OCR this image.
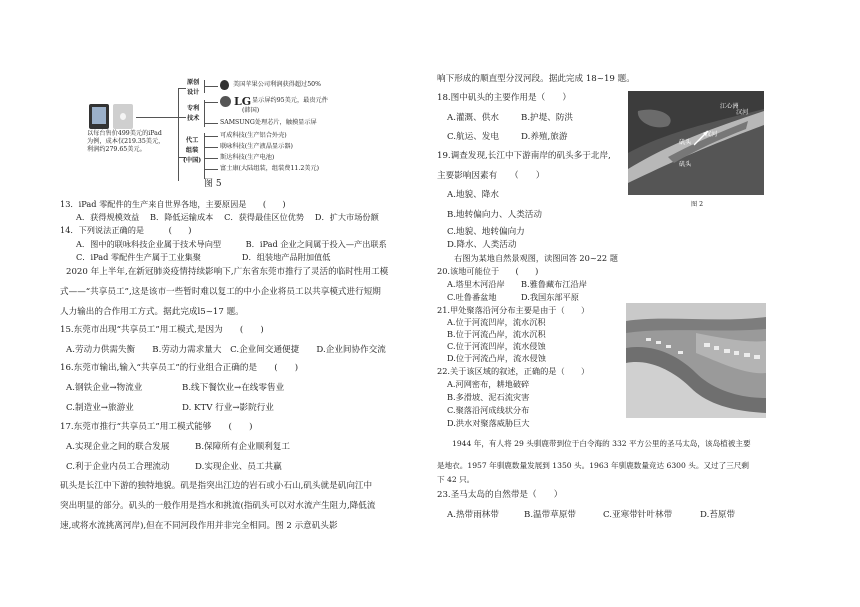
以每台售价499美元的iPad
为例，成本仅219.35美元，
利润约279.65美元。
原创
设计
专利
技术
代工
组装
(中国)
美国苹果公司利润获得超过50%
LG 显示屏约95美元，最贵元件
(韩国)
SAMSUNG处理芯片，触摸显示屏
可成科技(生产铝合外壳)
联咏科技(生产液晶显示器)
斯达科技(生产电池)
富士康(大陆组装，组装费11.2美元)
图 5
13．iPad 零配件的生产来自世界各地，主要原因是　　(　　)
A．获得规模效益　 B．降低运输成本　 C．获得最佳区位优势　 D．扩大市场份额
14．下列说法正确的是　　　(　　)
A．图中的联咏科技企业属于技术导向型　　　B．iPad 企业之间属于投入—产出联系
C．iPad 零配件生产属于工业集聚　　　　　D．组装地产品附加值低
2020 年上半年,在新冠肺炎疫情持续影响下,广东省东莞市推行了灵活的临时性用工模
式——“共享员工”,这是该市一些暂时难以复工的中小企业将员工以共享模式进行短期
人力输出的合作用工方式。据此完成l5~17 题。
15.东莞市出现“共享员工”用工模式,是因为　　(　　)
A.劳动力供需失衡　　B.劳动力需求量大　C.企业间交通便捷　　D.企业间协作交流
16.东莞市输出,输入“共享员工”的行业组合正确的是　　(　　)
A.钢铁企业→物流业	B.线下餐饮业→在线零售业
C.制造业→旅游业	D. KTV 行业→影院行业
17.东莞市推行“共享员工”用工模式能够　　(　　)
A.实现企业之间的联合发展	B.保障所有企业顺利复工
C.利于企业内员工合理流动	D.实现企业、员工共赢
矶头是长江中下游的独特地貌。矶是指突出江边的岩石或小石山,矶头就是矶向江中
突出明显的部分。矶头的一般作用是挡水和挑流(指矶头可以对水流产生阻力,降低流
速,或将水流挑离河岸),但在不同河段作用并非完全相同。图 2 示意矶头影
响下形成的顺直型分汊河段。据此完成 18~19 题。
18.图中矶头的主要作用是（　　）
A.灌溉、供水	B.护堤、防洪
C.航运、发电	D.养殖,旅游
19.调查发现,长江中下游南岸的矶头多于北岸,
主要影响因素有　　（　　）
A.地貌、降水
B.地转偏向力、人类活动
C.地貌、地转偏向力
D.降水、人类活动
右图为某地自然景观图，读图回答 20~22 题
20.该地可能位于　　(　　)
A.塔里木河沿岸 B.雅鲁藏布江沿岸
C.吐鲁番盆地	D.我国东部平原
21.甲处聚落沿河分布主要是由于（　　）
A.位于河流凹岸，流水沉积
B.位于河流凸岸，流水沉积
C.位于河流凹岸，流水侵蚀
D.位于河流凸岸，流水侵蚀
22.关于该区域的叙述，正确的是（　　）
A.河网密布，耕地破碎
B.多滑坡、泥石流灾害
C.聚落沿河成线状分布
D.洪水对聚落威胁巨大
1944 年，有人将 29 头驯鹿带到位于白令海的 332 平方公里的圣马太岛，该岛植被主要
是地衣。1957 年驯鹿数量发展到 1350 头。1963 年驯鹿数量竞达 6300 头。又过了三尺剩
下 42 只。
23.圣马太岛的自然带是（　　）
A.热带雨林带	B.温带草原带	C.亚寒带针叶林带	D.苔原带
汊河
江心洲
汉河
矶头
矶头
图 2
